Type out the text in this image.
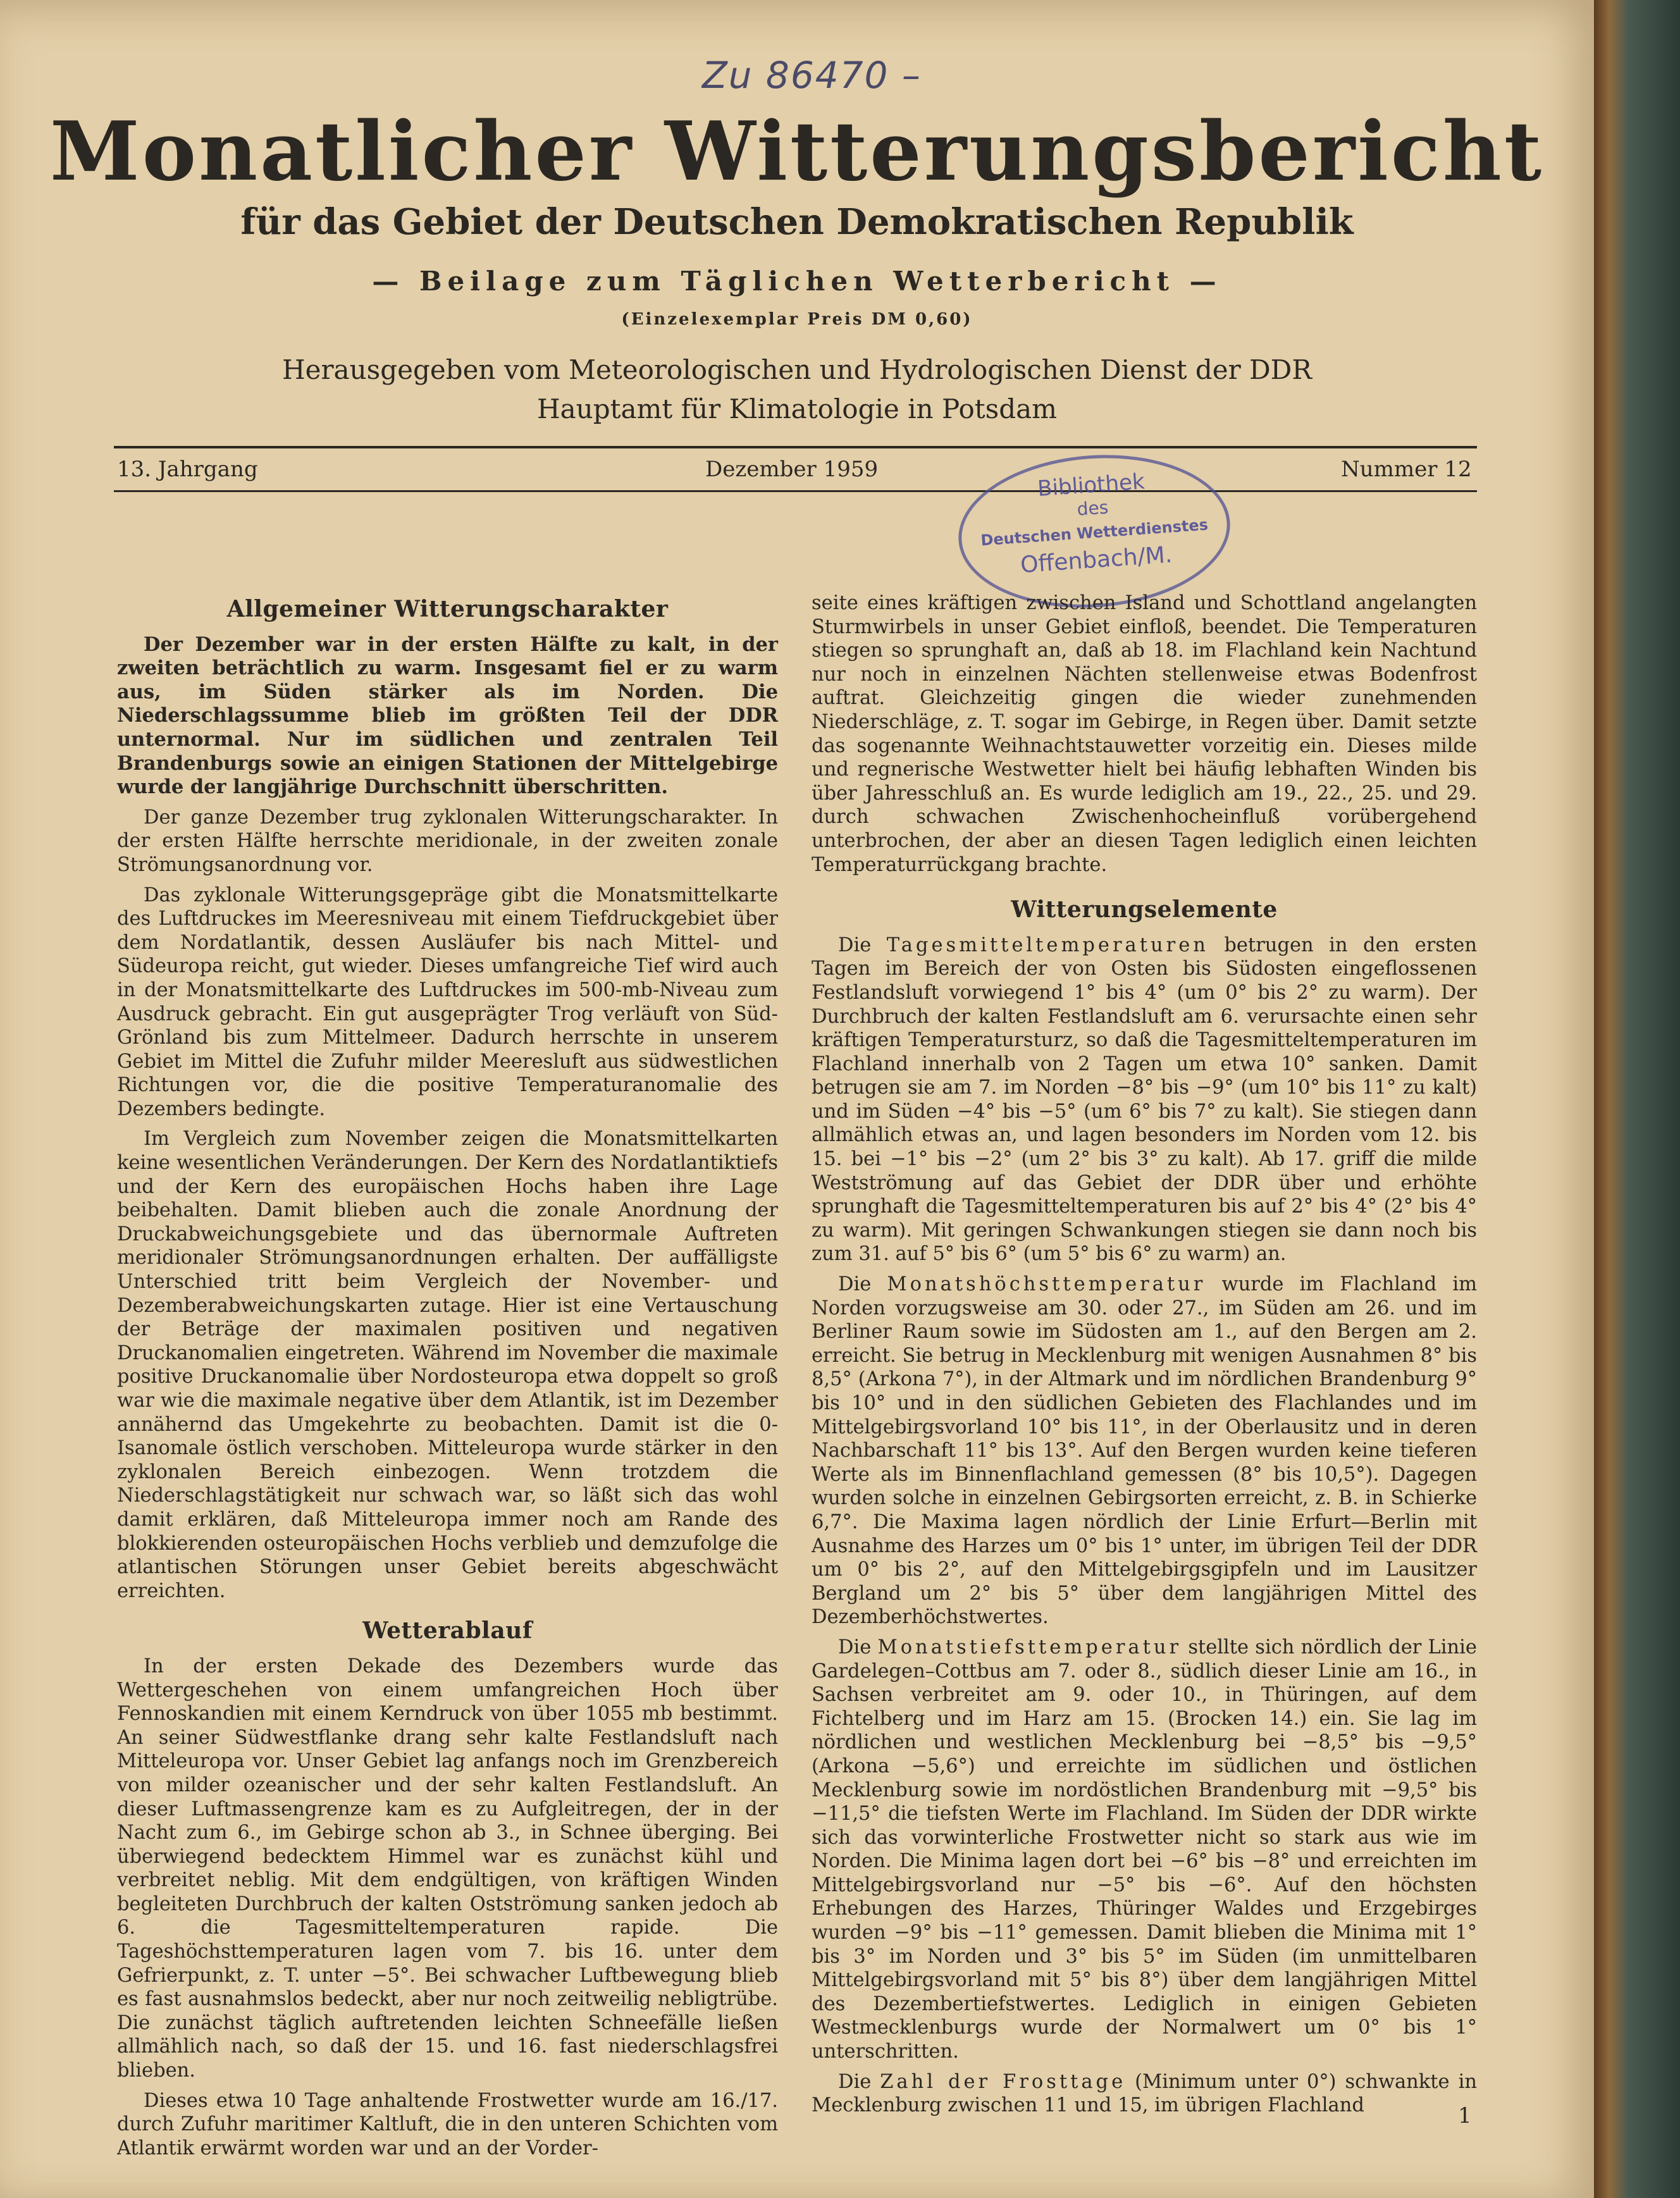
Zu 86470 –
Monatlicher Witterungsbericht
für das Gebiet der Deutschen Demokratischen Republik
— Beilage zum Täglichen Wetterbericht —
(Einzelexemplar Preis DM 0,60)
Herausgegeben vom Meteorologischen und Hydrologischen Dienst der DDR
Hauptamt für Klimatologie in Potsdam
13. Jahrgang	Dezember 1959	Nummer 12
Bibliothek
des
Deutschen Wetterdienstes
Offenbach/M.
Allgemeiner Witterungscharakter

Der Dezember war in der ersten Hälfte zu kalt, in der zweiten beträchtlich zu warm. Insgesamt fiel er zu warm aus, im Süden stärker als im Norden. Die Niederschlagssumme blieb im größten Teil der DDR unternormal. Nur im südlichen und zentralen Teil Brandenburgs sowie an einigen Stationen der Mittelgebirge wurde der langjährige Durchschnitt überschritten.

Der ganze Dezember trug zyklonalen Witterungscharakter. In der ersten Hälfte herrschte meridionale, in der zweiten zonale Strömungsanordnung vor.

Das zyklonale Witterungsgepräge gibt die Monatsmittelkarte des Luftdruckes im Meeresniveau mit einem Tiefdruckgebiet über dem Nordatlantik, dessen Ausläufer bis nach Mittel- und Südeuropa reicht, gut wieder. Dieses umfangreiche Tief wird auch in der Monatsmittelkarte des Luftdruckes im 500-mb-Niveau zum Ausdruck gebracht. Ein gut ausgeprägter Trog verläuft von Süd-Grönland bis zum Mittelmeer. Dadurch herrschte in unserem Gebiet im Mittel die Zufuhr milder Meeresluft aus südwestlichen Richtungen vor, die die positive Temperaturanomalie des Dezembers bedingte.

Im Vergleich zum November zeigen die Monatsmittelkarten keine wesentlichen Veränderungen. Der Kern des Nordatlantiktiefs und der Kern des europäischen Hochs haben ihre Lage beibehalten. Damit blieben auch die zonale Anordnung der Druckabweichungsgebiete und das übernormale Auftreten meridionaler Strömungsanordnungen erhalten. Der auffälligste Unterschied tritt beim Vergleich der November- und Dezemberabweichungskarten zutage. Hier ist eine Vertauschung der Beträge der maximalen positiven und negativen Druckanomalien eingetreten. Während im November die maximale positive Druckanomalie über Nordosteuropa etwa doppelt so groß war wie die maximale negative über dem Atlantik, ist im Dezember annähernd das Umgekehrte zu beobachten. Damit ist die 0-Isanomale östlich verschoben. Mitteleuropa wurde stärker in den zyklonalen Bereich einbezogen. Wenn trotzdem die Niederschlagstätigkeit nur schwach war, so läßt sich das wohl damit erklären, daß Mitteleuropa immer noch am Rande des blokkierenden osteuropäischen Hochs verblieb und demzufolge die atlantischen Störungen unser Gebiet bereits abgeschwächt erreichten.

Wetterablauf

In der ersten Dekade des Dezembers wurde das Wettergeschehen von einem umfangreichen Hoch über Fennoskandien mit einem Kerndruck von über 1055 mb bestimmt. An seiner Südwestflanke drang sehr kalte Festlandsluft nach Mitteleuropa vor. Unser Gebiet lag anfangs noch im Grenzbereich von milder ozeanischer und der sehr kalten Festlandsluft. An dieser Luftmassengrenze kam es zu Aufgleitregen, der in der Nacht zum 6., im Gebirge schon ab 3., in Schnee überging. Bei überwiegend bedecktem Himmel war es zunächst kühl und verbreitet neblig. Mit dem endgültigen, von kräftigen Winden begleiteten Durchbruch der kalten Ostströmung sanken jedoch ab 6. die Tagesmitteltemperaturen rapide. Die Tageshöchsttemperaturen lagen vom 7. bis 16. unter dem Gefrierpunkt, z. T. unter −5°. Bei schwacher Luftbewegung blieb es fast ausnahmslos bedeckt, aber nur noch zeitweilig nebligtrübe. Die zunächst täglich auftretenden leichten Schneefälle ließen allmählich nach, so daß der 15. und 16. fast niederschlagsfrei blieben.

Dieses etwa 10 Tage anhaltende Frostwetter wurde am 16./17. durch Zufuhr maritimer Kaltluft, die in den unteren Schichten vom Atlantik erwärmt worden war und an der Vorder-

seite eines kräftigen zwischen Island und Schottland angelangten Sturmwirbels in unser Gebiet einfloß, beendet. Die Temperaturen stiegen so sprunghaft an, daß ab 18. im Flachland kein Nachtund nur noch in einzelnen Nächten stellenweise etwas Bodenfrost auftrat. Gleichzeitig gingen die wieder zunehmenden Niederschläge, z. T. sogar im Gebirge, in Regen über. Damit setzte das sogenannte Weihnachtstauwetter vorzeitig ein. Dieses milde und regnerische Westwetter hielt bei häufig lebhaften Winden bis über Jahresschluß an. Es wurde lediglich am 19., 22., 25. und 29. durch schwachen Zwischenhocheinfluß vorübergehend unterbrochen, der aber an diesen Tagen lediglich einen leichten Temperaturrückgang brachte.

Witterungselemente

Die Tagesmitteltemperaturen betrugen in den ersten Tagen im Bereich der von Osten bis Südosten eingeflossenen Festlandsluft vorwiegend 1° bis 4° (um 0° bis 2° zu warm). Der Durchbruch der kalten Festlandsluft am 6. verursachte einen sehr kräftigen Temperatursturz, so daß die Tagesmitteltemperaturen im Flachland innerhalb von 2 Tagen um etwa 10° sanken. Damit betrugen sie am 7. im Norden −8° bis −9° (um 10° bis 11° zu kalt) und im Süden −4° bis −5° (um 6° bis 7° zu kalt). Sie stiegen dann allmählich etwas an, und lagen besonders im Norden vom 12. bis 15. bei −1° bis −2° (um 2° bis 3° zu kalt). Ab 17. griff die milde Westströmung auf das Gebiet der DDR über und erhöhte sprunghaft die Tagesmitteltemperaturen bis auf 2° bis 4° (2° bis 4° zu warm). Mit geringen Schwankungen stiegen sie dann noch bis zum 31. auf 5° bis 6° (um 5° bis 6° zu warm) an.

Die Monatshöchsttemperatur wurde im Flachland im Norden vorzugsweise am 30. oder 27., im Süden am 26. und im Berliner Raum sowie im Südosten am 1., auf den Bergen am 2. erreicht. Sie betrug in Mecklenburg mit wenigen Ausnahmen 8° bis 8,5° (Arkona 7°), in der Altmark und im nördlichen Brandenburg 9° bis 10° und in den südlichen Gebieten des Flachlandes und im Mittelgebirgsvorland 10° bis 11°, in der Oberlausitz und in deren Nachbarschaft 11° bis 13°. Auf den Bergen wurden keine tieferen Werte als im Binnenflachland gemessen (8° bis 10,5°). Dagegen wurden solche in einzelnen Gebirgsorten erreicht, z. B. in Schierke 6,7°. Die Maxima lagen nördlich der Linie Erfurt—Berlin mit Ausnahme des Harzes um 0° bis 1° unter, im übrigen Teil der DDR um 0° bis 2°, auf den Mittelgebirgsgipfeln und im Lausitzer Bergland um 2° bis 5° über dem langjährigen Mittel des Dezemberhöchstwertes.

Die Monatstiefsttemperatur stellte sich nördlich der Linie Gardelegen–Cottbus am 7. oder 8., südlich dieser Linie am 16., in Sachsen verbreitet am 9. oder 10., in Thüringen, auf dem Fichtelberg und im Harz am 15. (Brocken 14.) ein. Sie lag im nördlichen und westlichen Mecklenburg bei −8,5° bis −9,5° (Arkona −5,6°) und erreichte im südlichen und östlichen Mecklenburg sowie im nordöstlichen Brandenburg mit −9,5° bis −11,5° die tiefsten Werte im Flachland. Im Süden der DDR wirkte sich das vorwinterliche Frostwetter nicht so stark aus wie im Norden. Die Minima lagen dort bei −6° bis −8° und erreichten im Mittelgebirgsvorland nur −5° bis −6°. Auf den höchsten Erhebungen des Harzes, Thüringer Waldes und Erzgebirges wurden −9° bis −11° gemessen. Damit blieben die Minima mit 1° bis 3° im Norden und 3° bis 5° im Süden (im unmittelbaren Mittelgebirgsvorland mit 5° bis 8°) über dem langjährigen Mittel des Dezembertiefstwertes. Lediglich in einigen Gebieten Westmecklenburgs wurde der Normalwert um 0° bis 1° unterschritten.

Die Zahl der Frosttage (Minimum unter 0°) schwankte in Mecklenburg zwischen 11 und 15, im übrigen Flachland	1
